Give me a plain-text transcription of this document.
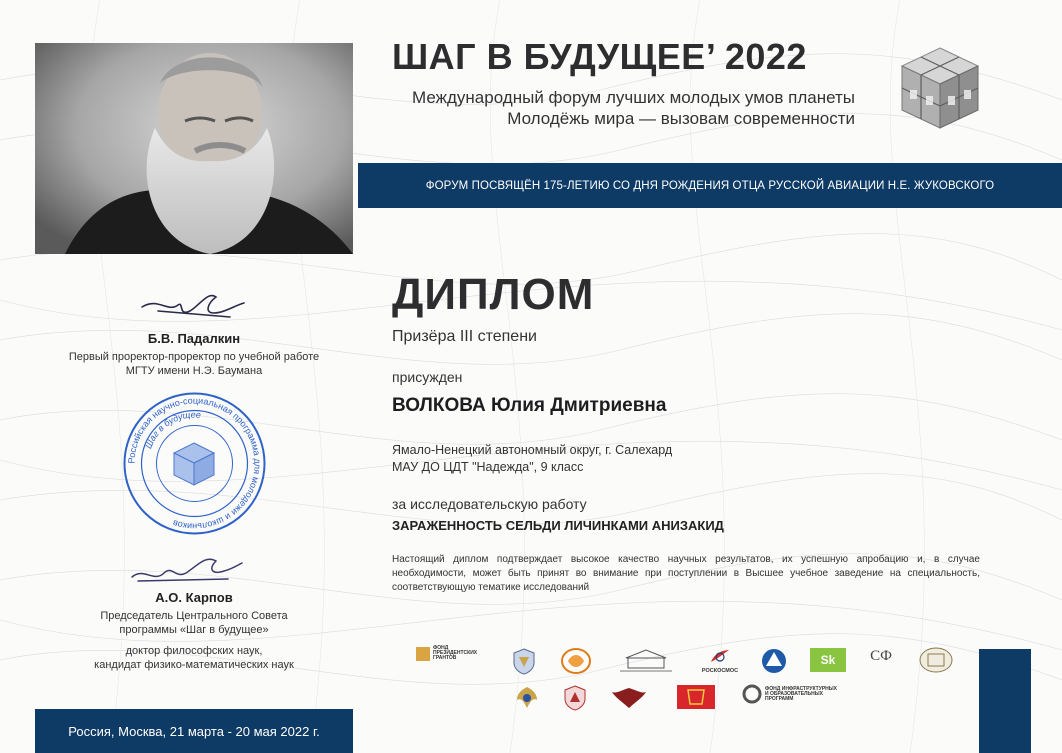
ШАГ В БУДУЩЕЕ’ 2022
Международный форум лучших молодых умов планеты
Молодёжь мира — вызовам современности
ФОРУМ ПОСВЯЩЁН 175-ЛЕТИЮ СО ДНЯ РОЖДЕНИЯ ОТЦА РУССКОЙ АВИАЦИИ Н.Е. ЖУКОВСКОГО
Б.В. Падалкин
Первый проректор-проректор по учебной работе
МГТУ имени Н.Э. Баумана
Российская научно-социальная программа для молодежи и школьников
Шаг в будущее
А.О. Карпов
Председатель Центрального Совета
программы «Шаг в будущее»
доктор философских наук,
кандидат физико-математических наук
Россия, Москва, 21 марта - 20 мая 2022 г.
ДИПЛОМ
Призёра III степени
присужден
ВОЛКОВА Юлия Дмитриевна
Ямало-Ненецкий автономный округ, г. Салехард
МАУ ДО ЦДТ "Надежда", 9 класс
за исследовательскую работу
ЗАРАЖЕННОСТЬ СЕЛЬДИ ЛИЧИНКАМИ АНИЗАКИД
Настоящий диплом подтверждает высокое качество научных результатов, их успешную апробацию и, в случае необходимости, может быть принят во внимание при поступлении в Высшее учебное заведение на специальность, соответствующую тематике исследований
ФОНД
ПРЕЗИДЕНТСКИХ
ГРАНТОВ
РОСКОСМОС
Sk СФ
ФОНД ИНФРАСТРУКТУРНЫХ
И ОБРАЗОВАТЕЛЬНЫХ
ПРОГРАММ
